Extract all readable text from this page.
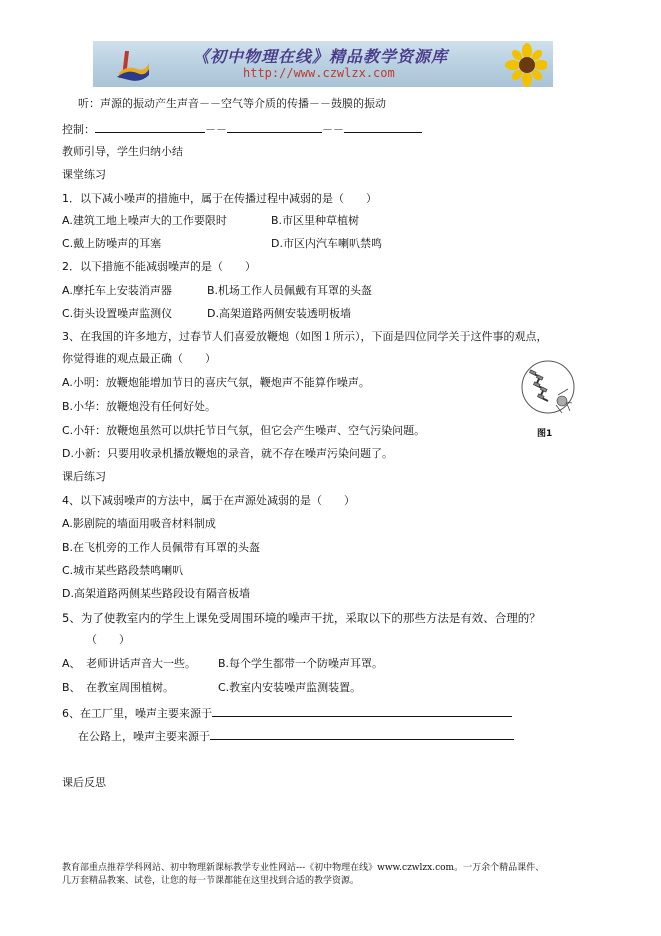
《初中物理在线》精品教学资源库
http://www.czwlzx.com
听：声源的振动产生声音－－空气等介质的传播－－鼓膜的振动
控制：	－－	－－
教师引导，学生归纳小结
课堂练习
1．以下减小噪声的措施中，属于在传播过程中减弱的是（　　）
A.建筑工地上噪声大的工作要限时	B.市区里种草植树
C.戴上防噪声的耳塞	D.市区内汽车喇叭禁鸣
2．以下措施不能减弱噪声的是（　　）
A.摩托车上安装消声器	B.机场工作人员佩戴有耳罩的头盔
C.街头设置噪声监测仪	D.高架道路两侧安装透明板墙
3、在我国的许多地方，过春节人们喜爱放鞭炮（如图１所示），下面是四位同学关于这件事的观点，
你觉得谁的观点最正确（　　）
A.小明：放鞭炮能增加节日的喜庆气氛，鞭炮声不能算作噪声。
B.小华：放鞭炮没有任何好处。
C.小轩：放鞭炮虽然可以烘托节日气氛，但它会产生噪声、空气污染问题。
D.小新：只要用收录机播放鞭炮的录音，就不存在噪声污染问题了。
图1
课后练习
4、以下减弱噪声的方法中，属于在声源处减弱的是（　　）
A.影剧院的墙面用吸音材料制成
B.在飞机旁的工作人员佩带有耳罩的头盔
C.城市某些路段禁鸣喇叭
D.高架道路两侧某些路段设有隔音板墙
5、为了使教室内的学生上课免受周围环境的噪声干扰，采取以下的那些方法是有效、合理的？
（　　）
A、　老师讲话声音大一些。 B.每个学生都带一个防噪声耳罩。
B、　在教室周围植树。	C.教室内安装噪声监测装置。
6、在工厂里，噪声主要来源于
在公路上，噪声主要来源于
课后反思
教育部重点推荐学科网站、初中物理新课标教学专业性网站---《初中物理在线》www.czwlzx.com。一万余个精品课件、
几万套精品教案、试卷，让您的每一节课都能在这里找到合适的教学资源。
